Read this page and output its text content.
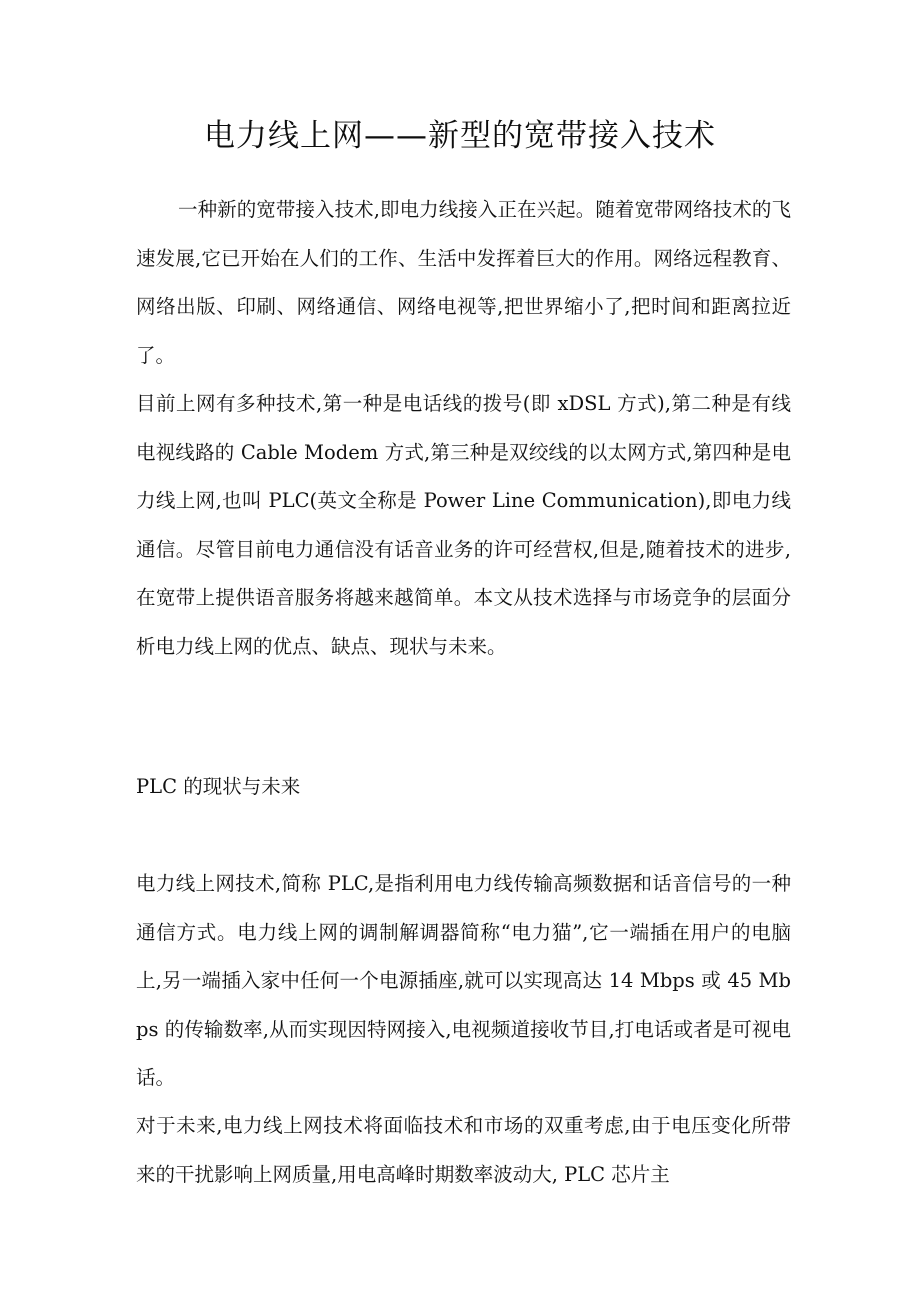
电力线上网——新型的宽带接入技术

一种新的宽带接入技术,即电力线接入正在兴起。随着宽带网络技术的飞速发展,它已开始在人们的工作、生活中发挥着巨大的作用。网络远程教育、网络出版、印刷、网络通信、网络电视等,把世界缩小了,把时间和距离拉近了。

目前上网有多种技术,第一种是电话线的拨号(即 xDSL 方式),第二种是有线电视线路的 Cable Modem 方式,第三种是双绞线的以太网方式,第四种是电力线上网,也叫 PLC(英文全称是 Power Line Communication),即电力线通信。尽管目前电力通信没有话音业务的许可经营权,但是,随着技术的进步,在宽带上提供语音服务将越来越简单。本文从技术选择与市场竞争的层面分析电力线上网的优点、缺点、现状与未来。

PLC 的现状与未来

电力线上网技术,简称 PLC,是指利用电力线传输高频数据和话音信号的一种通信方式。电力线上网的调制解调器简称“电力猫”,它一端插在用户的电脑上,另一端插入家中任何一个电源插座,就可以实现高达 14 Mbps 或 45 Mbps 的传输数率,从而实现因特网接入,电视频道接收节目,打电话或者是可视电话。

对于未来,电力线上网技术将面临技术和市场的双重考虑,由于电压变化所带来的干扰影响上网质量,用电高峰时期数率波动大, PLC 芯片主
